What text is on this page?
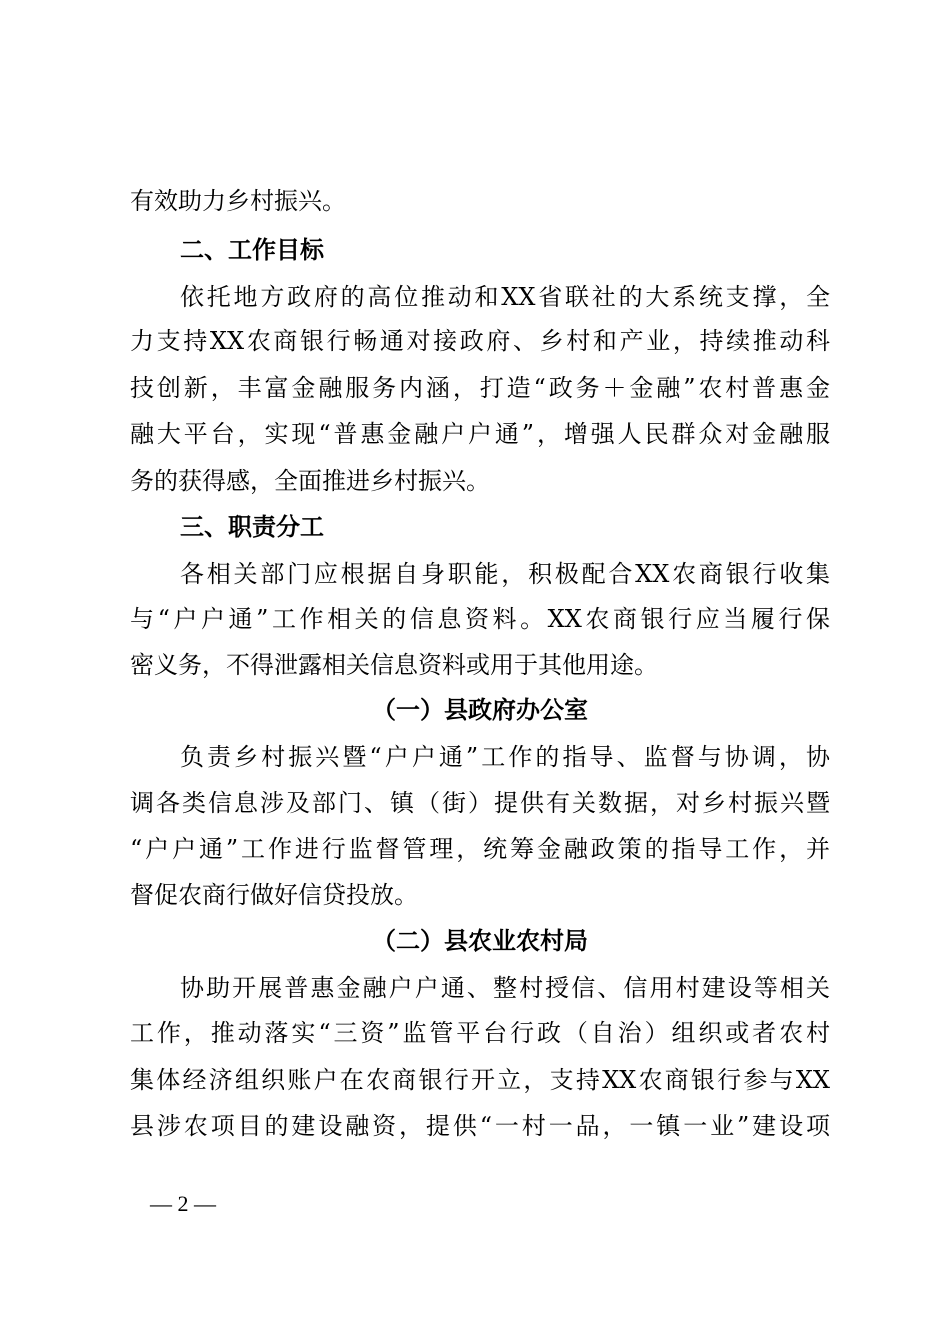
有效助力乡村振兴。
二、工作目标
依托地方政府的高位推动和XX省联社的大系统支撑，全
力支持XX农商银行畅通对接政府、乡村和产业，持续推动科
技创新，丰富金融服务内涵，打造“政务＋金融”农村普惠金
融大平台，实现“普惠金融户户通”，增强人民群众对金融服
务的获得感，全面推进乡村振兴。
三、职责分工
各相关部门应根据自身职能，积极配合XX农商银行收集
与“户户通”工作相关的信息资料。XX农商银行应当履行保
密义务，不得泄露相关信息资料或用于其他用途。
（一）县政府办公室
负责乡村振兴暨“户户通”工作的指导、监督与协调，协
调各类信息涉及部门、镇（街）提供有关数据，对乡村振兴暨
“户户通”工作进行监督管理，统筹金融政策的指导工作，并
督促农商行做好信贷投放。
（二）县农业农村局
协助开展普惠金融户户通、整村授信、信用村建设等相关
工作，推动落实“三资”监管平台行政（自治）组织或者农村
集体经济组织账户在农商银行开立，支持XX农商银行参与XX
县涉农项目的建设融资，提供“一村一品，一镇一业”建设项
— 2 —
